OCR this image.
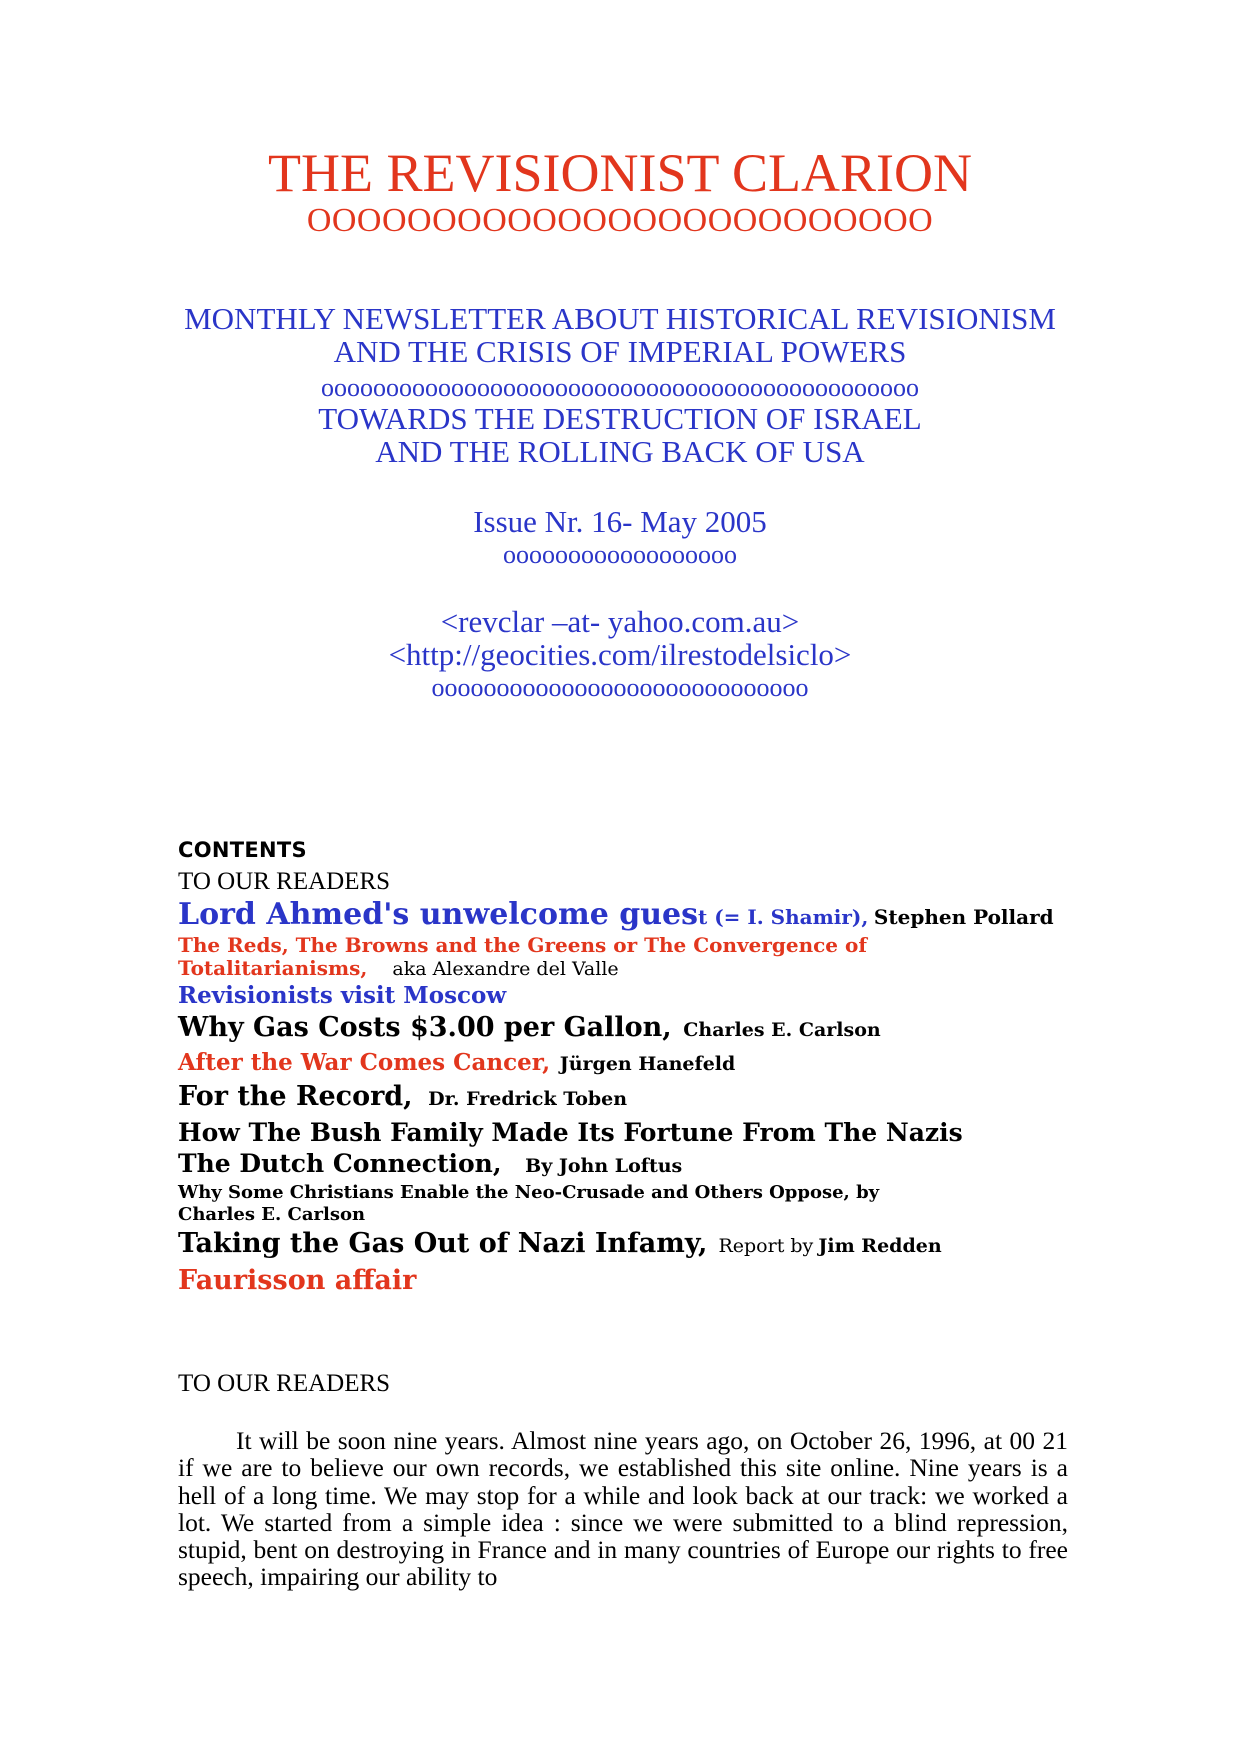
THE REVISIONIST CLARION
OOOOOOOOOOOOOOOOOOOOOOOOO
MONTHLY NEWSLETTER ABOUT HISTORICAL REVISIONISM
AND THE CRISIS OF IMPERIAL POWERS
oooooooooooooooooooooooooooooooooooooooooooooo
TOWARDS THE DESTRUCTION OF ISRAEL
AND THE ROLLING BACK OF USA
Issue Nr. 16- May 2005
oooooooooooooooooo
<revclar –at- yahoo.com.au>
<http://geocities.com/ilrestodelsiclo>
ooooooooooooooooooooooooooooo
CONTENTS
TO OUR READERS
Lord Ahmed's unwelcome guest (= I. Shamir), Stephen Pollard
The Reds, The Browns and the Greens or The Convergence of
Totalitarianisms, aka Alexandre del Valle
Revisionists visit Moscow
Why Gas Costs $3.00 per Gallon, Charles E. Carlson
After the War Comes Cancer, Jürgen Hanefeld
For the Record, Dr. Fredrick Toben
How The Bush Family Made Its Fortune From The Nazis
The Dutch Connection, By John Loftus
Why Some Christians Enable the Neo-Crusade and Others Oppose, by
Charles E. Carlson
Taking the Gas Out of Nazi Infamy, Report by Jim Redden
Faurisson affair
TO OUR READERS

It will be soon nine years. Almost nine years ago, on October 26, 1996, at 00 21 if we are to believe our own records, we established this site online. Nine years is a hell of a long time. We may stop for a while and look back at our track: we worked a lot. We started from a simple idea : since we were submitted to a blind repression, stupid, bent on destroying in France and in many countries of Europe our rights to free speech, impairing our ability to
